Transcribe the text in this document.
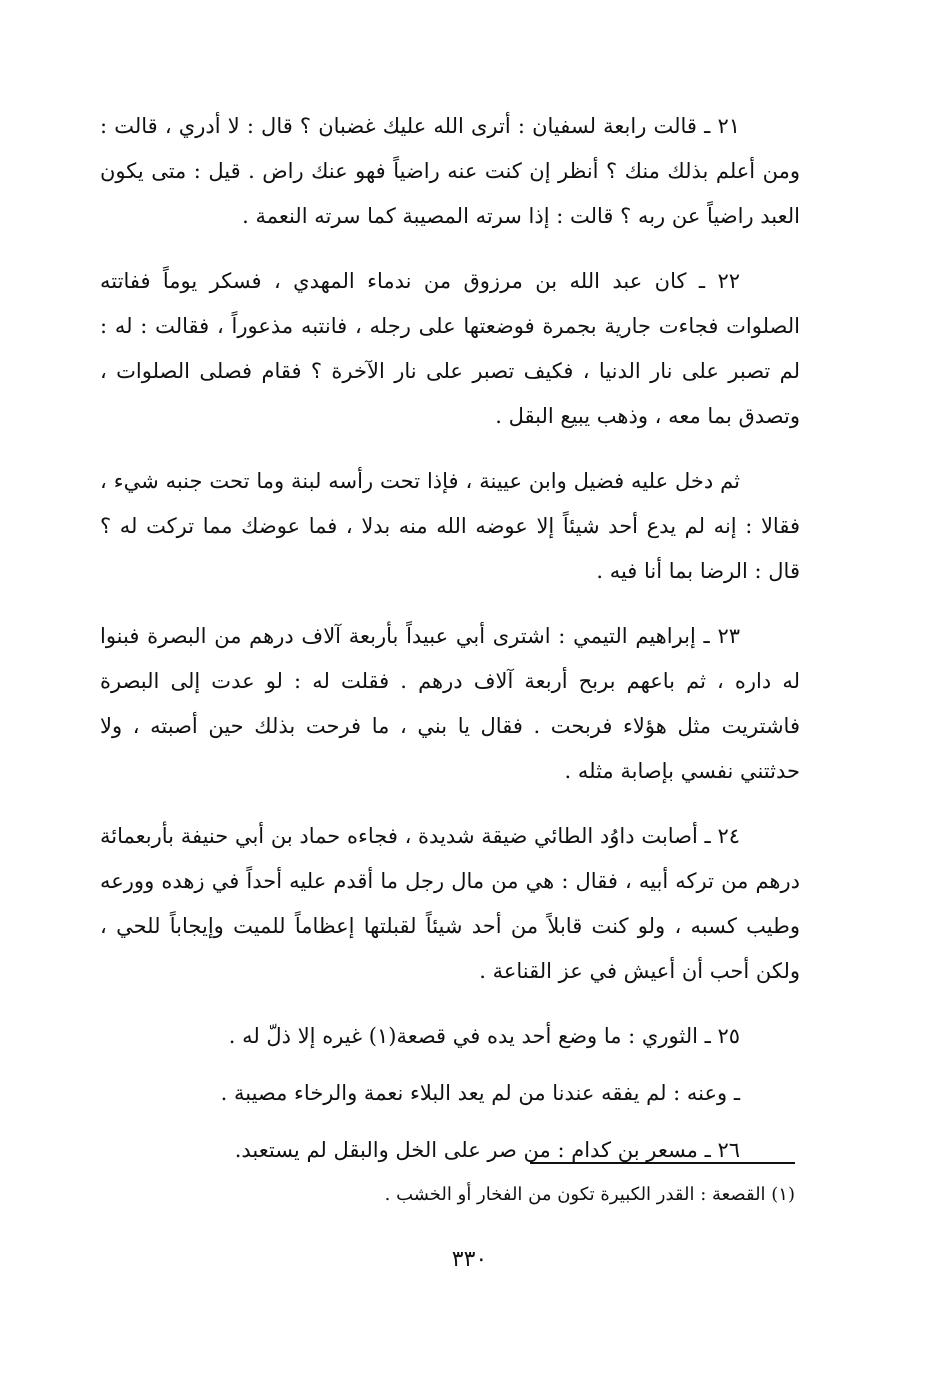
٢١ ـ قالت رابعة لسفيان : أترى الله عليك غضبان ؟ قال : لا أدري ، قالت : ومن أعلم بذلك منك ؟ أنظر إن كنت عنه راضياً فهو عنك راض . قيل : متى يكون العبد راضياً عن ربه ؟ قالت : إذا سرته المصيبة كما سرته النعمة .

٢٢ ـ كان عبد الله بن مرزوق من ندماء المهدي ، فسكر يوماً ففاتته الصلوات فجاءت جارية بجمرة فوضعتها على رجله ، فانتبه مذعوراً ، فقالت : له : لم تصبر على نار الدنيا ، فكيف تصبر على نار الآخرة ؟ فقام فصلى الصلوات ، وتصدق بما معه ، وذهب يبيع البقل .

ثم دخل عليه فضيل وابن عيينة ، فإذا تحت رأسه لبنة وما تحت جنبه شيء ، فقالا : إنه لم يدع أحد شيئاً إلا عوضه الله منه بدلا ، فما عوضك مما تركت له ؟ قال : الرضا بما أنا فيه .

٢٣ ـ إبراهيم التيمي : اشترى أبي عبيداً بأربعة آلاف درهم من البصرة فبنوا له داره ، ثم باعهم بربح أربعة آلاف درهم . فقلت له : لو عدت إلى البصرة فاشتريت مثل هؤلاء فربحت . فقال يا بني ، ما فرحت بذلك حين أصبته ، ولا حدثتني نفسي بإصابة مثله .

٢٤ ـ أصابت داوُد الطائي ضيقة شديدة ، فجاءه حماد بن أبي حنيفة بأربعمائة درهم من تركه أبيه ، فقال : هي من مال رجل ما أقدم عليه أحداً في زهده وورعه وطيب كسبه ، ولو كنت قابلاً من أحد شيئاً لقبلتها إعظاماً للميت وإيجاباً للحي ، ولكن أحب أن أعيش في عز القناعة .

٢٥ ـ الثوري : ما وضع أحد يده في قصعة(١) غيره إلا ذلّ له .

ـ وعنه : لم يفقه عندنا من لم يعد البلاء نعمة والرخاء مصيبة .

٢٦ ـ مسعر بن كدام : من صر على الخل والبقل لم يستعبد.

(١) القصعة : القدر الكبيرة تكون من الفخار أو الخشب .

٣٣٠
